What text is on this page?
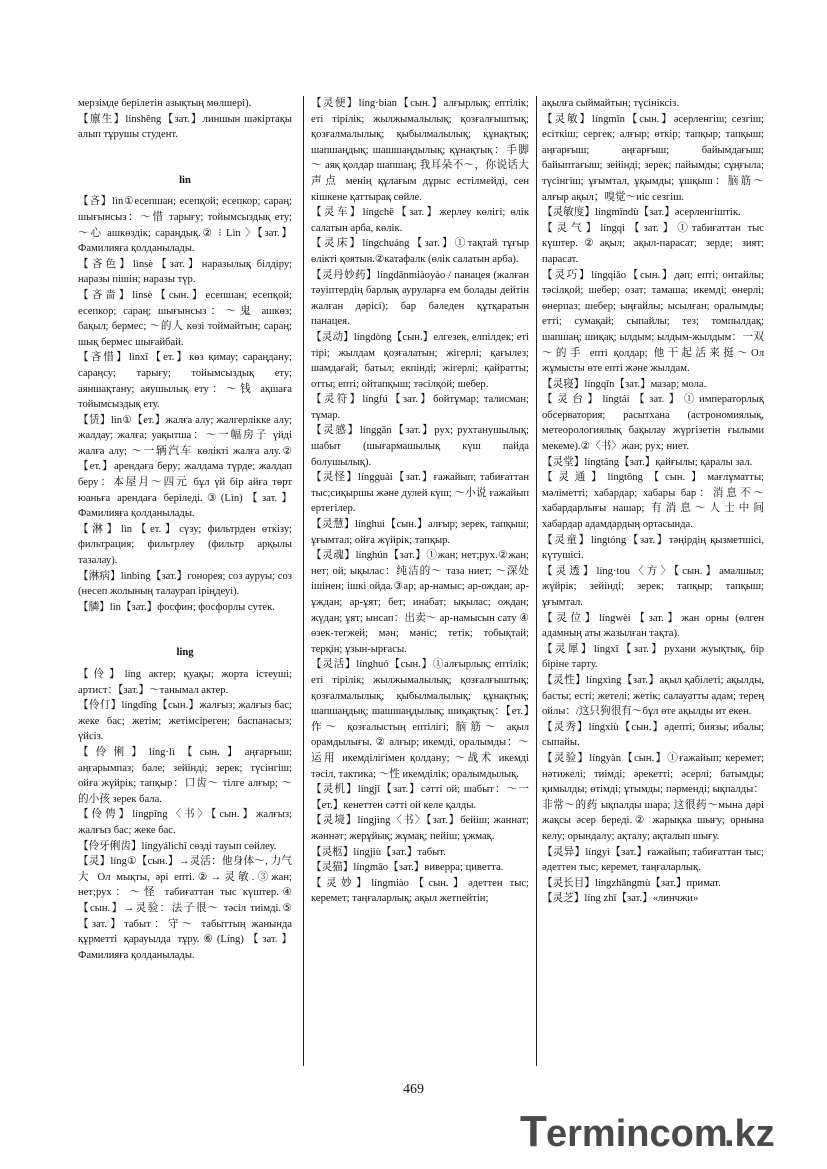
мерзімде берілетін азықтың мөлшері).

【廪生】línshēng【зат.】линшын шәкіртақы алып тұрушы студент.

lin

【吝】lìn①есепшан; есепқой; есепкор; сараң; шығынсыз：～惜 тарығу; тойымсыздық ету; ～心 ашкөздік; сараңдық.② ⁝ Lìn 〉【зат.】Фамилияға қолданылады.

【吝色】lìnsè【зат.】наразылық білдіру; наразы пішін; наразы түр.

【吝啬】lìnsè【сын.】есепшан; есепқой; есепкор; сараң; шығынсыз：～鬼 ашкөз; бақыл; бермес; ～的人 көзі тоймайтын; сараң; шық бермес шығайбай.

【吝惜】lìnxī【ет.】көз қимау; сараңдану; сараңсу; тарығу; тойымсыздық ету; аяншақтану; аяушылық ету：～钱 ақшаға тойымсыздық ету.

【赁】lìn①【ет.】жалға алу; жалгерлікке алу; жалдау; жалға; уақытша：～一幅房子 үйді жалға алу; ～一辆汽车 көлікті жалға алу.②【ет.】арендаға беру; жалдама түрде; жалдап беру：本屋月～四元 бұл үй бір айға төрт юаньға арендаға беріледі.③(Lìn)【зат.】Фамилияға қолданылады.

【淋】lìn【ет.】сүзу; фильтрден өткізу; фильтрация; фильтрлеу (фильтр арқылы тазалау).

【淋病】lìnbìng【зат.】гонорея; соз ауруы; соз (несеп жолының талаурап іріңдеуі).

【膦】lìn【зат.】фосфин; фосфорлы сутек.

ling

【伶】líng актер; қуақы; жорта істеуші; артист：【зат.】～танымал актер.

【伶仃】língdīng【сын.】жалғыз; жалғыз бас; жеке бас; жетім; жетімсіреген; баспанасыз; үйсіз.

【伶俐】líng·lì【сын.】аңғарғыш; аңғарымпаз; бале; зейінді; зерек; түсінгіш; ойға жүйрік; тапқыр：口齿～ тілге алғыр; ～的小孩 зерек бала.

【伶俜】língpīng〈书〉【сын.】жалғыз; жалғыз бас; жеке бас.

【伶牙俐齿】língyálìchǐ сөзді тауып сөйлеу.

【灵】líng①【сын.】→灵活：他身体～, 力气大 Ол мықты, әрі епті.②→灵敏.③жан; нет;рух：～怪 табиғаттан тыс күштер.④【сын.】→灵验：法子很～ тәсіл тиімді.⑤【зат.】табыт：守～ табыттың жанында құрметті қарауылда тұру.⑥(Líng)【зат.】Фамилияға қолданылады.

【灵便】líng·bian【сын.】алғырлық; ептілік; еті тірілік; жылжымалылық; қозғалғыштық; қозғалмалылық; қыбылмалылық; құнақтық; шапшаңдық; шашшаңдылық; құнақтық：手脚～ аяқ қолдар шапшаң; 我耳朵不～，你说话大声点 менің құлағым дұрыс естілмейді, сен кішкене қаттырақ сөйле.

【灵车】língchē【зат.】жерлеу көлігі; өлік салатын арба, көлік.

【灵床】língchuáng【зат.】①тақтай тұғыр өлікті қоятын.②катафалк (өлік салатын арба).

【灵丹妙药】língdānmiàoyào / панацея (жалған тәуіптердің барлық ауруларға ем болады дейтін жалған дәрісі); бар бәледен құтқаратын панацея.

【灵动】língdòng【сын.】елгезек, елпілдек; еті тірі; жылдам қозғалатын; жігерлі; қағылез; шамдағай; батыл; екпінді; жігерлі; қайратты; отты; епті; ойтапқыш; тәсілқой; шебер.

【灵符】língfú【зат.】бойтұмар; талисман; тұмар.

【灵感】línggǎn【зат.】рух; рухтанушылық; шабыт (шығармашылық күш пайда болушылық).

【灵怪】língguài【зат.】ғажайып; табиғаттан тыс;сиқыршы және дулей күш; ～小说 ғажайып ертегілер.

【灵慧】línghuì【сын.】алғыр; зерек, тапқыш; ұғымтал; ойға жүйрік; тапқыр.

【灵魂】línghún【зат.】①жан; нет;рух.②жан; нет; ой; ықылас：纯洁的～ таза ниет; ～深处 ішінен; ішкі ойда.③ар; ар-намыс; ар-ождан; ар-ұждан; ар-ұят; бет; инабат; ықылас; ождан; жүдан; ұят; ынсап：出卖～ ар-намысын сату ④ өзек-тегжей; мән; мәніс; тетік; тобықтай; терқін; ұзын-ырғасы.

【灵活】línghuó【сын.】①алғырлық; ептілік; еті тірілік; жылжымалылық; қозғалғыштық; қозғалмалылық; қыбылмалылық; құнақтық; шапшаңдық; шашшаңдылық; шиқақтық：【ет.】作～ қозғалыстың ептілігі; 脑筋～ ақыл орамдылығы. ② алғыр; икемді, оралымды：～运用 икемділігімен қолдану; ～战术 икемді тәсіл, тактика; ～性 икемділік; оралымдылық.

【灵机】língjī【зат.】сәтті ой; шабыт：～一【ет.】кенеттен сәтті ой келе қалды.

【灵境】língjìng〈书〉【зат.】бейіш; жаннат; жәннәт; жерұйық; жұмақ; пейіш; ұжмақ.

【灵柩】língjiù【зат.】табыт.

【灵猫】língmāo【зат.】виверра; циветта.

【灵妙】língmiào【сын.】әдеттен тыс; керемет; таңғаларлық; ақыл жетпейтін;

ақылға сыймайтын; түсініксіз.

【灵敏】língmǐn【сын.】әсерленгіш; сезгіш; есіткіш; сергек; алғыр; өткір; тапқыр; тапқыш; аңғарғыш; аңғарғыш; байымдағыш; байыптағыш; зейінді; зерек; пайымды; сұңғыла; түсінгіш; ұғымтал, ұқымды; ұшқыш：脑筋～алғыр ақыл；嗅觉～иіс сезгіш.

【灵敏度】língmǐndù【зат.】әсерленгіштік.

【灵气】língqì【зат.】①табиғаттан тыс күштер.②ақыл; ақыл-парасат; зерде; зият; парасат.

【灵巧】língqiǎo【сын.】дәп; епті; онтайлы; тәсілқой; шебер; озат; тамаша; икемді; өнерлі; өнерпаз; шебер; ыңғайлы; ысылған; оралымды; етті; сумақай; сыпайлы; тез; томпылдақ; шапшаң; шиқақ; ылдым; ылдым-жылдым：一双～的手 епті қолдар; 他干起活来挺～Ол жұмысты өте епті және жылдам.

【灵寝】língqǐn【зат.】мазар; мола.

【灵台】língtái【зат.】①императорлық обсерватория; расытхана (астрономиялық, метеорологиялық бақылау жүргізетін ғылыми мекеме).②〈书〉жан; рух; ниет.

【灵堂】língtáng【зат.】қайғылы; қаралы зал.

【灵通】língtōng【сын.】мағлұматты; мәліметті; хабардар; хабары бар：消息不～хабардарлығы нашар; 有消息～人士中间 хабардар адамдардың ортасында.

【灵童】língtóng【зат.】тәңірдің қызметшісі, күтушісі.

【灵透】líng·tou〈方〉【сын.】амалшыл; жүйрік; зейінді; зерек; тапқыр; тапқыш; ұғымтал.

【灵位】língwèi【зат.】жан орны (өлген адамның аты жазылған тақта).

【灵犀】língxī【зат.】рухани жуықтық, бір біріне тарту.

【灵性】língxìng【зат.】ақыл қабілеті; ақылды, басты; есті; жетелі; жетік; салауатты адам; терең ойлы：/这只狗很有～бұл өте ақылды ит екен.

【灵秀】língxiù【сын.】әдепті; биязы; ибалы; сыпайы.

【灵验】língyàn【сын.】①ғажайып; керемет; нәтижелі; тиімді; әрекетті; әсерлі; батымды; қимылды; өтімді; ұтымды; пәрменді; ықпалды：非常～的药 ықпалды шара; 这很药～мына дәрі жақсы әсер береді.② жарықка шығу; орнына келу; орындалу; ақталу; ақталып шығу.

【灵异】língyì【зат.】ғажайып; табиғаттан тыс; әдеттен тыс; керемет, таңғаларлық.

【灵长目】língzhǎngmù【зат.】примат.

【灵芝】líng zhī【зат.】«линчжи»

469
T ermincom
.kz
